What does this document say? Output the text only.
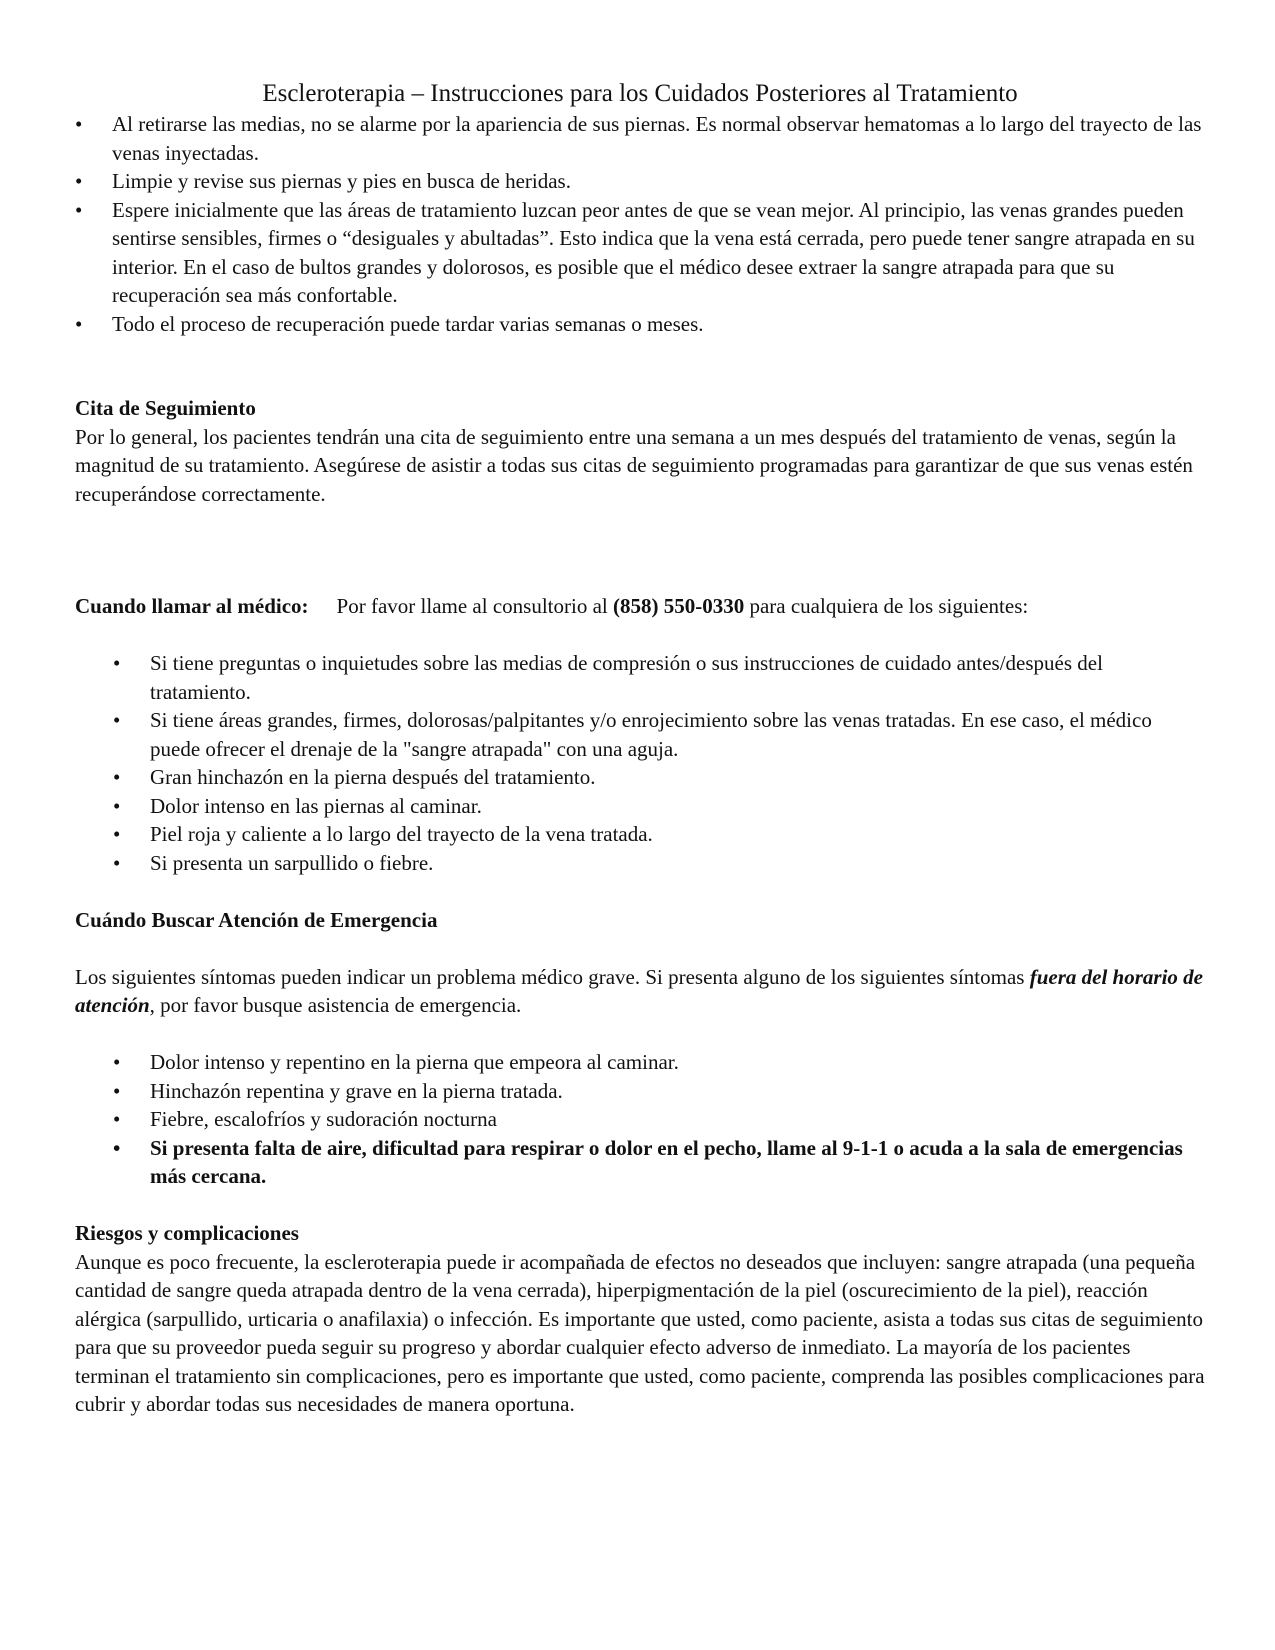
Escleroterapia – Instrucciones para los Cuidados Posteriores al Tratamiento
• Al retirarse las medias, no se alarme por la apariencia de sus piernas. Es normal observar hematomas a lo largo del trayecto de las venas inyectadas.
• Limpie y revise sus piernas y pies en busca de heridas.
• Espere inicialmente que las áreas de tratamiento luzcan peor antes de que se vean mejor. Al principio, las venas grandes pueden sentirse sensibles, firmes o “desiguales y abultadas”. Esto indica que la vena está cerrada, pero puede tener sangre atrapada en su interior. En el caso de bultos grandes y dolorosos, es posible que el médico desee extraer la sangre atrapada para que su recuperación sea más confortable.
• Todo el proceso de recuperación puede tardar varias semanas o meses.

Cita de Seguimiento

Por lo general, los pacientes tendrán una cita de seguimiento entre una semana a un mes después del tratamiento de venas, según la magnitud de su tratamiento. Asegúrese de asistir a todas sus citas de seguimiento programadas para garantizar de que sus venas estén recuperándose correctamente.

Cuando llamar al médico: Por favor llame al consultorio al (858) 550-0330 para cualquiera de los siguientes:

• Si tiene preguntas o inquietudes sobre las medias de compresión o sus instrucciones de cuidado antes/después del tratamiento.
• Si tiene áreas grandes, firmes, dolorosas/palpitantes y/o enrojecimiento sobre las venas tratadas. En ese caso, el médico puede ofrecer el drenaje de la "sangre atrapada" con una aguja.
• Gran hinchazón en la pierna después del tratamiento.
• Dolor intenso en las piernas al caminar.
• Piel roja y caliente a lo largo del trayecto de la vena tratada.
• Si presenta un sarpullido o fiebre.

Cuándo Buscar Atención de Emergencia

Los siguientes síntomas pueden indicar un problema médico grave. Si presenta alguno de los siguientes síntomas fuera del horario de atención, por favor busque asistencia de emergencia.

• Dolor intenso y repentino en la pierna que empeora al caminar.
• Hinchazón repentina y grave en la pierna tratada.
• Fiebre, escalofríos y sudoración nocturna
• Si presenta falta de aire, dificultad para respirar o dolor en el pecho, llame al 9-1-1 o acuda a la sala de emergencias más cercana.

Riesgos y complicaciones

Aunque es poco frecuente, la escleroterapia puede ir acompañada de efectos no deseados que incluyen: sangre atrapada (una pequeña cantidad de sangre queda atrapada dentro de la vena cerrada), hiperpigmentación de la piel (oscurecimiento de la piel), reacción alérgica (sarpullido, urticaria o anafilaxia) o infección. Es importante que usted, como paciente, asista a todas sus citas de seguimiento para que su proveedor pueda seguir su progreso y abordar cualquier efecto adverso de inmediato. La mayoría de los pacientes terminan el tratamiento sin complicaciones, pero es importante que usted, como paciente, comprenda las posibles complicaciones para cubrir y abordar todas sus necesidades de manera oportuna.
